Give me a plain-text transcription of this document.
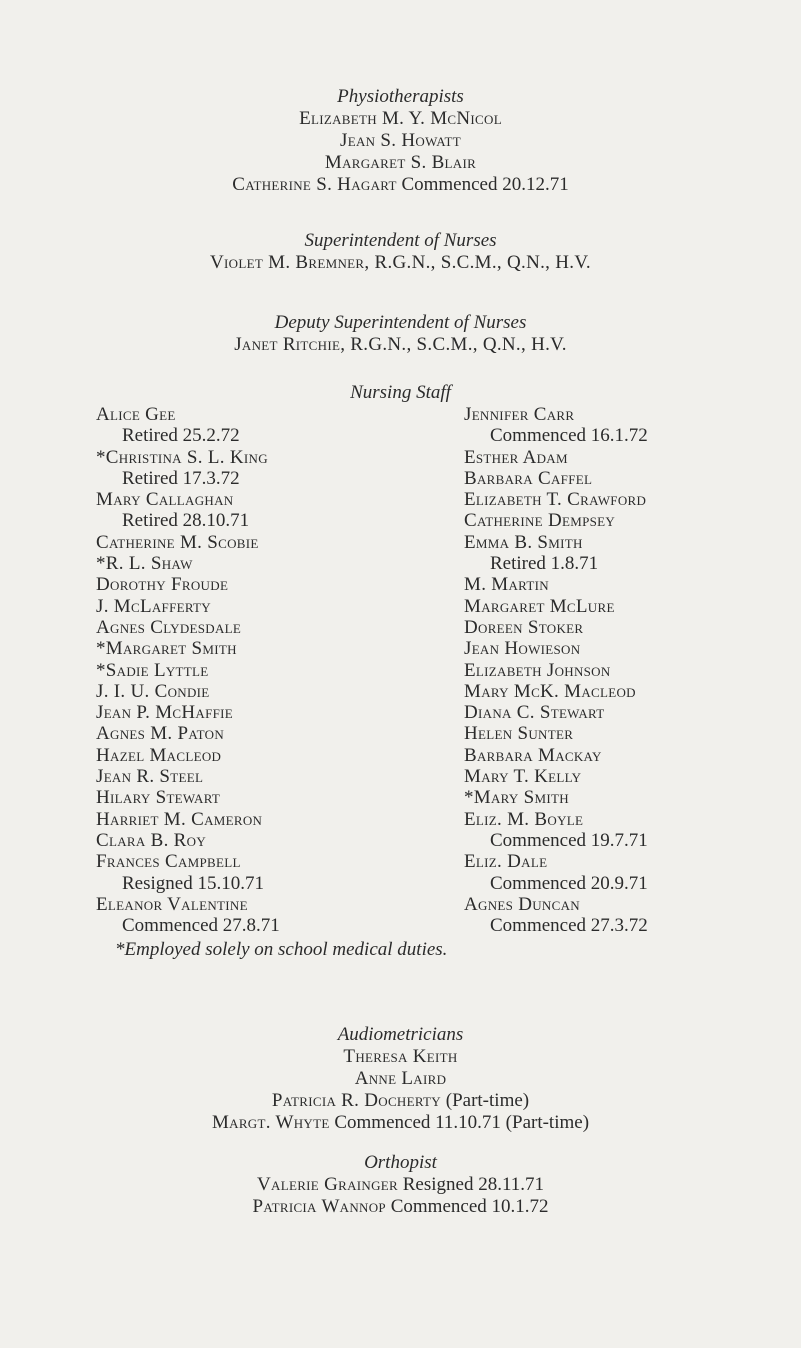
Physiotherapists
Elizabeth M. Y. McNicol
Jean S. Howatt
Margaret S. Blair
Catherine S. Hagart Commenced 20.12.71
Superintendent of Nurses
Violet M. Bremner, R.G.N., S.C.M., Q.N., H.V.
Deputy Superintendent of Nurses
Janet Ritchie, R.G.N., S.C.M., Q.N., H.V.
Nursing Staff
Alice Gee
Retired 25.2.72
*Christina S. L. King
Retired 17.3.72
Mary Callaghan
Retired 28.10.71
Catherine M. Scobie
*R. L. Shaw
Dorothy Froude
J. McLafferty
Agnes Clydesdale
*Margaret Smith
*Sadie Lyttle
J. I. U. Condie
Jean P. McHaffie
Agnes M. Paton
Hazel Macleod
Jean R. Steel
Hilary Stewart
Harriet M. Cameron
Clara B. Roy
Frances Campbell
Resigned 15.10.71
Eleanor Valentine
Commenced 27.8.71
Jennifer Carr
Commenced 16.1.72
Esther Adam
Barbara Caffel
Elizabeth T. Crawford
Catherine Dempsey
Emma B. Smith
Retired 1.8.71
M. Martin
Margaret McLure
Doreen Stoker
Jean Howieson
Elizabeth Johnson
Mary McK. Macleod
Diana C. Stewart
Helen Sunter
Barbara Mackay
Mary T. Kelly
*Mary Smith
Eliz. M. Boyle
Commenced 19.7.71
Eliz. Dale
Commenced 20.9.71
Agnes Duncan
Commenced 27.3.72
*Employed solely on school medical duties.
Audiometricians
Theresa Keith
Anne Laird
Patricia R. Docherty (Part-time)
Margt. Whyte Commenced 11.10.71 (Part-time)
Orthopist
Valerie Grainger Resigned 28.11.71
Patricia Wannop Commenced 10.1.72
